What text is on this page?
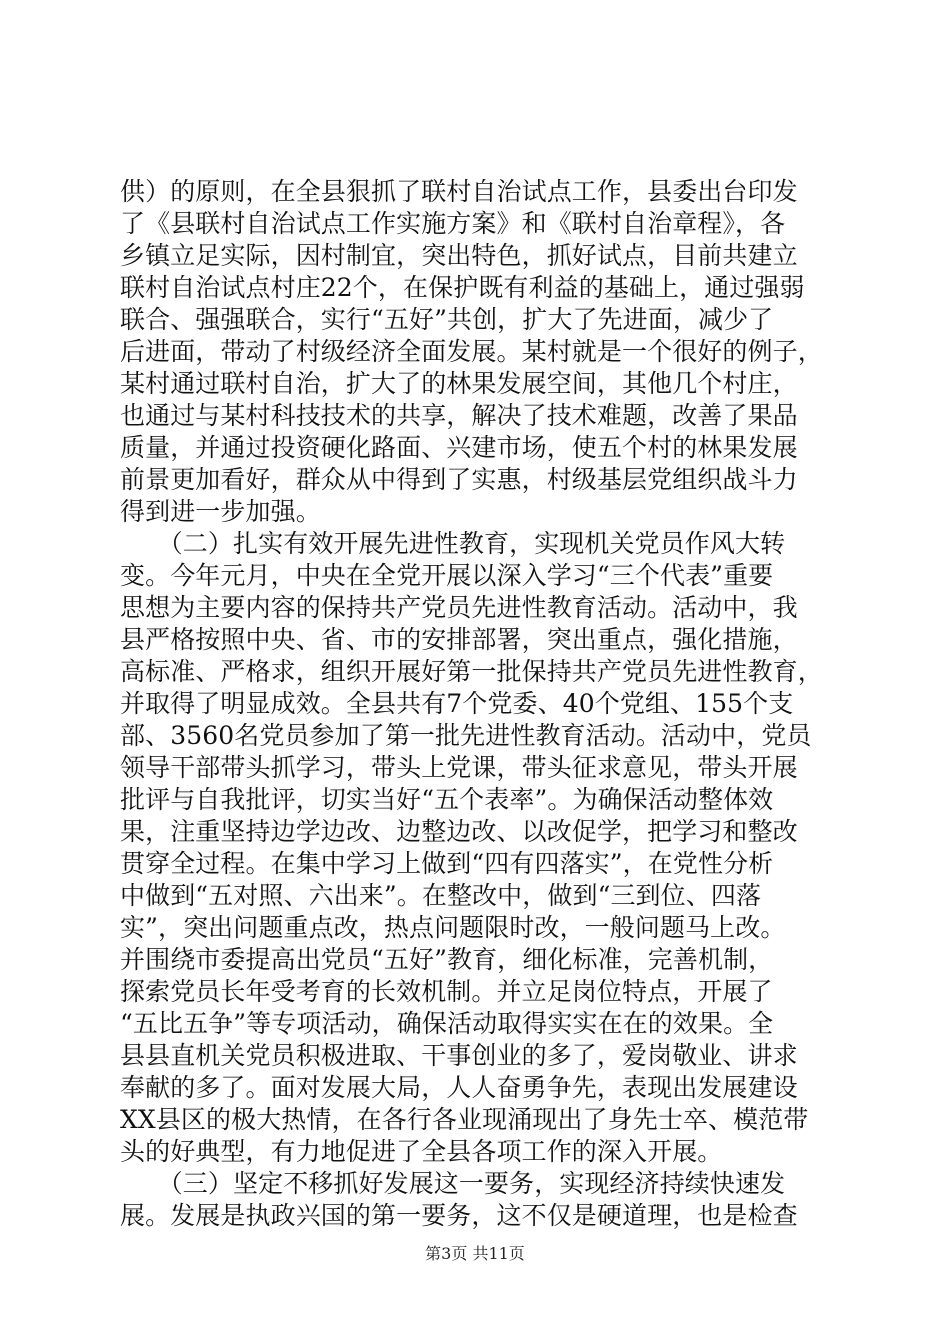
供）的原则，在全县狠抓了联村自治试点工作，县委出台印发
了《县联村自治试点工作实施方案》和《联村自治章程》，各
乡镇立足实际，因村制宜，突出特色，抓好试点，目前共建立
联村自治试点村庄22个，在保护既有利益的基础上，通过强弱
联合、强强联合，实行“五好”共创，扩大了先进面，减少了
后进面，带动了村级经济全面发展。某村就是一个很好的例子，
某村通过联村自治，扩大了的林果发展空间，其他几个村庄，
也通过与某村科技技术的共享，解决了技术难题，改善了果品
质量，并通过投资硬化路面、兴建市场，使五个村的林果发展
前景更加看好，群众从中得到了实惠，村级基层党组织战斗力
得到进一步加强。
　　（二）扎实有效开展先进性教育，实现机关党员作风大转
变。今年元月，中央在全党开展以深入学习“三个代表”重要
思想为主要内容的保持共产党员先进性教育活动。活动中，我
县严格按照中央、省、市的安排部署，突出重点，强化措施，
高标准、严格求，组织开展好第一批保持共产党员先进性教育，
并取得了明显成效。全县共有7个党委、40个党组、155个支
部、3560名党员参加了第一批先进性教育活动。活动中，党员
领导干部带头抓学习，带头上党课，带头征求意见，带头开展
批评与自我批评，切实当好“五个表率”。为确保活动整体效
果，注重坚持边学边改、边整边改、以改促学，把学习和整改
贯穿全过程。在集中学习上做到“四有四落实”，在党性分析
中做到“五对照、六出来”。在整改中，做到“三到位、四落
实”，突出问题重点改，热点问题限时改，一般问题马上改。
并围绕市委提高出党员“五好”教育，细化标准，完善机制，
探索党员长年受考育的长效机制。并立足岗位特点，开展了
“五比五争”等专项活动，确保活动取得实实在在的效果。全
县县直机关党员积极进取、干事创业的多了，爱岗敬业、讲求
奉献的多了。面对发展大局，人人奋勇争先，表现出发展建设
XX县区的极大热情，在各行各业现涌现出了身先士卒、模范带
头的好典型，有力地促进了全县各项工作的深入开展。
　　（三）坚定不移抓好发展这一要务，实现经济持续快速发
展。发展是执政兴国的第一要务，这不仅是硬道理，也是检查
第3页 共11页
